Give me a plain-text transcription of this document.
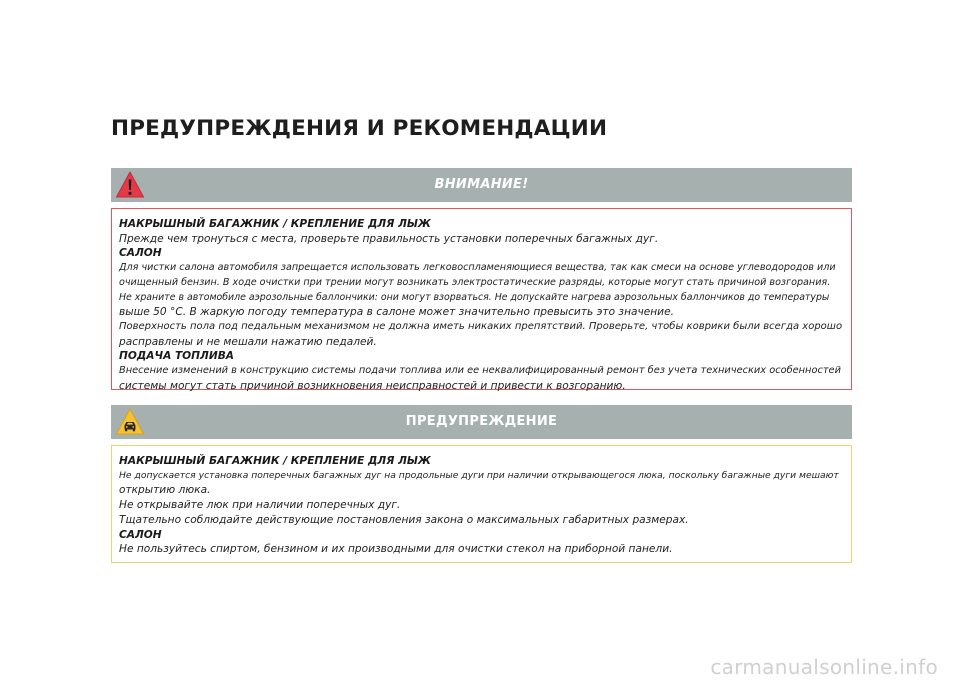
ПРЕДУПРЕЖДЕНИЯ И РЕКОМЕНДАЦИИ
ВНИМАНИЕ!
НАКРЫШНЫЙ БАГАЖНИК / КРЕПЛЕНИЕ ДЛЯ ЛЫЖ
Прежде чем тронуться с места, проверьте правильность установки поперечных багажных дуг.
САЛОН
Для чистки салона автомобиля запрещается использовать легковоспламеняющиеся вещества, так как смеси на основе углеводородов или
очищенный бензин. В ходе очистки при трении могут возникать электростатические разряды, которые могут стать причиной возгорания.
Не храните в автомобиле аэрозольные баллончики: они могут взорваться. Не допускайте нагрева аэрозольных баллончиков до температуры
выше 50 °C. В жаркую погоду температура в салоне может значительно превысить это значение.
Поверхность пола под педальным механизмом не должна иметь никаких препятствий. Проверьте, чтобы коврики были всегда хорошо
расправлены и не мешали нажатию педалей.
ПОДАЧА ТОПЛИВА
Внесение изменений в конструкцию системы подачи топлива или ее неквалифицированный ремонт без учета технических особенностей
системы могут стать причиной возникновения неисправностей и привести к возгоранию.
ПРЕДУПРЕЖДЕНИЕ
НАКРЫШНЫЙ БАГАЖНИК / КРЕПЛЕНИЕ ДЛЯ ЛЫЖ
Не допускается установка поперечных багажных дуг на продольные дуги при наличии открывающегося люка, поскольку багажные дуги мешают
открытию люка.
Не открывайте люк при наличии поперечных дуг.
Тщательно соблюдайте действующие постановления закона о максимальных габаритных размерах.
САЛОН
Не пользуйтесь спиртом, бензином и их производными для очистки стекол на приборной панели.
carmanualsonline.info
